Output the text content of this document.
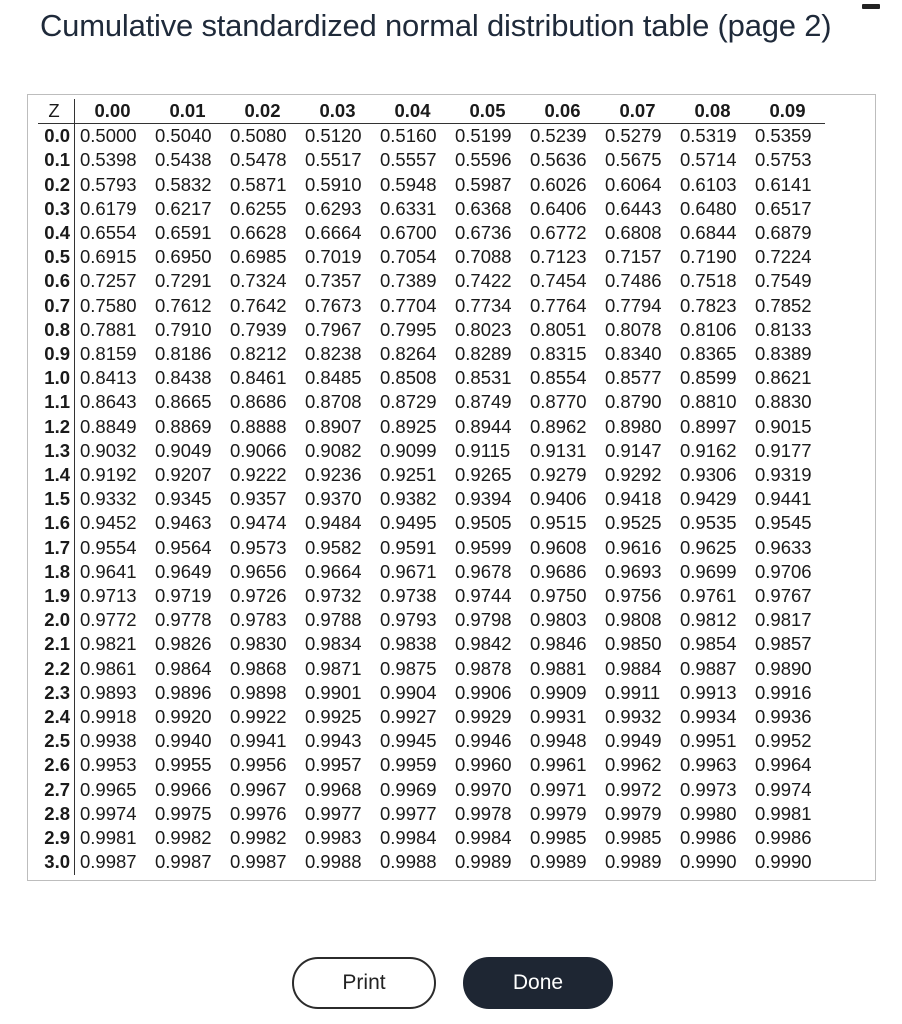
Cumulative standardized normal distribution table (page 2)
Z	0.00	0.01	0.02	0.03	0.04	0.05	0.06	0.07	0.08	0.09
0.0	0.5000	0.5040	0.5080	0.5120	0.5160	0.5199	0.5239	0.5279	0.5319	0.5359
0.1	0.5398	0.5438	0.5478	0.5517	0.5557	0.5596	0.5636	0.5675	0.5714	0.5753
0.2	0.5793	0.5832	0.5871	0.5910	0.5948	0.5987	0.6026	0.6064	0.6103	0.6141
0.3	0.6179	0.6217	0.6255	0.6293	0.6331	0.6368	0.6406	0.6443	0.6480	0.6517
0.4	0.6554	0.6591	0.6628	0.6664	0.6700	0.6736	0.6772	0.6808	0.6844	0.6879
0.5	0.6915	0.6950	0.6985	0.7019	0.7054	0.7088	0.7123	0.7157	0.7190	0.7224
0.6	0.7257	0.7291	0.7324	0.7357	0.7389	0.7422	0.7454	0.7486	0.7518	0.7549
0.7	0.7580	0.7612	0.7642	0.7673	0.7704	0.7734	0.7764	0.7794	0.7823	0.7852
0.8	0.7881	0.7910	0.7939	0.7967	0.7995	0.8023	0.8051	0.8078	0.8106	0.8133
0.9	0.8159	0.8186	0.8212	0.8238	0.8264	0.8289	0.8315	0.8340	0.8365	0.8389
1.0	0.8413	0.8438	0.8461	0.8485	0.8508	0.8531	0.8554	0.8577	0.8599	0.8621
1.1	0.8643	0.8665	0.8686	0.8708	0.8729	0.8749	0.8770	0.8790	0.8810	0.8830
1.2	0.8849	0.8869	0.8888	0.8907	0.8925	0.8944	0.8962	0.8980	0.8997	0.9015
1.3	0.9032	0.9049	0.9066	0.9082	0.9099	0.9115	0.9131	0.9147	0.9162	0.9177
1.4	0.9192	0.9207	0.9222	0.9236	0.9251	0.9265	0.9279	0.9292	0.9306	0.9319
1.5	0.9332	0.9345	0.9357	0.9370	0.9382	0.9394	0.9406	0.9418	0.9429	0.9441
1.6	0.9452	0.9463	0.9474	0.9484	0.9495	0.9505	0.9515	0.9525	0.9535	0.9545
1.7	0.9554	0.9564	0.9573	0.9582	0.9591	0.9599	0.9608	0.9616	0.9625	0.9633
1.8	0.9641	0.9649	0.9656	0.9664	0.9671	0.9678	0.9686	0.9693	0.9699	0.9706
1.9	0.9713	0.9719	0.9726	0.9732	0.9738	0.9744	0.9750	0.9756	0.9761	0.9767
2.0	0.9772	0.9778	0.9783	0.9788	0.9793	0.9798	0.9803	0.9808	0.9812	0.9817
2.1	0.9821	0.9826	0.9830	0.9834	0.9838	0.9842	0.9846	0.9850	0.9854	0.9857
2.2	0.9861	0.9864	0.9868	0.9871	0.9875	0.9878	0.9881	0.9884	0.9887	0.9890
2.3	0.9893	0.9896	0.9898	0.9901	0.9904	0.9906	0.9909	0.9911	0.9913	0.9916
2.4	0.9918	0.9920	0.9922	0.9925	0.9927	0.9929	0.9931	0.9932	0.9934	0.9936
2.5	0.9938	0.9940	0.9941	0.9943	0.9945	0.9946	0.9948	0.9949	0.9951	0.9952
2.6	0.9953	0.9955	0.9956	0.9957	0.9959	0.9960	0.9961	0.9962	0.9963	0.9964
2.7	0.9965	0.9966	0.9967	0.9968	0.9969	0.9970	0.9971	0.9972	0.9973	0.9974
2.8	0.9974	0.9975	0.9976	0.9977	0.9977	0.9978	0.9979	0.9979	0.9980	0.9981
2.9	0.9981	0.9982	0.9982	0.9983	0.9984	0.9984	0.9985	0.9985	0.9986	0.9986
3.0	0.9987	0.9987	0.9987	0.9988	0.9988	0.9989	0.9989	0.9989	0.9990	0.9990
Print	Done
